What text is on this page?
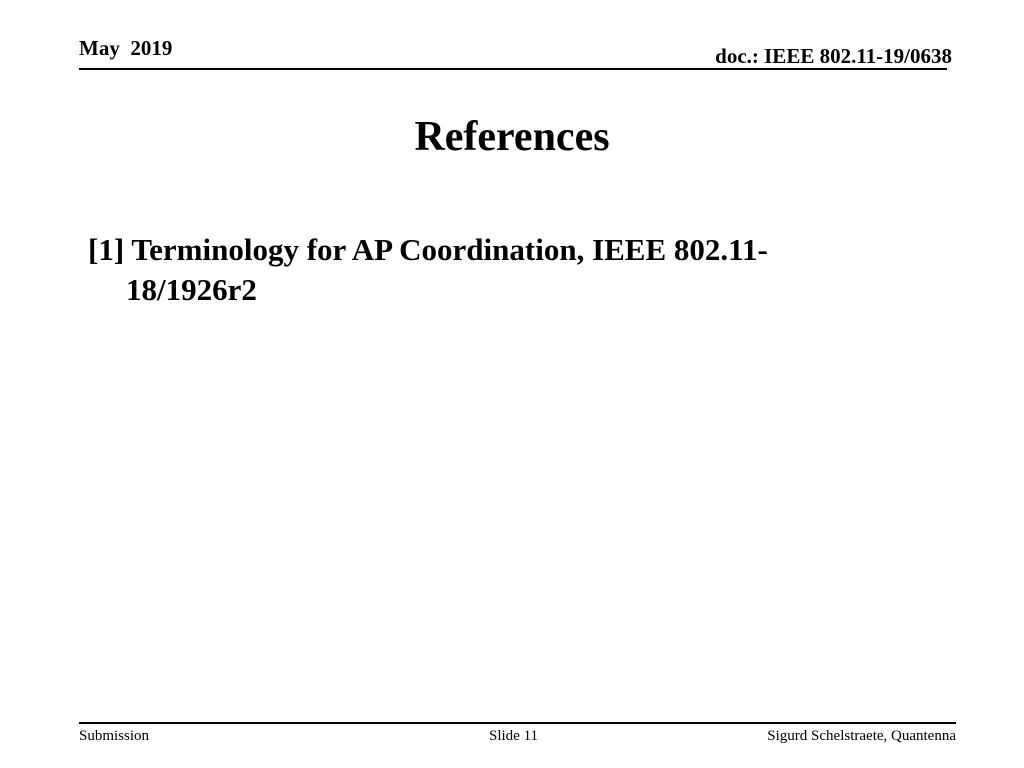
May  2019	doc.: IEEE 802.11-19/0638
References
[1] Terminology for AP Coordination, IEEE 802.11-18/1926r2
Submission	Slide 11	Sigurd Schelstraete, Quantenna
